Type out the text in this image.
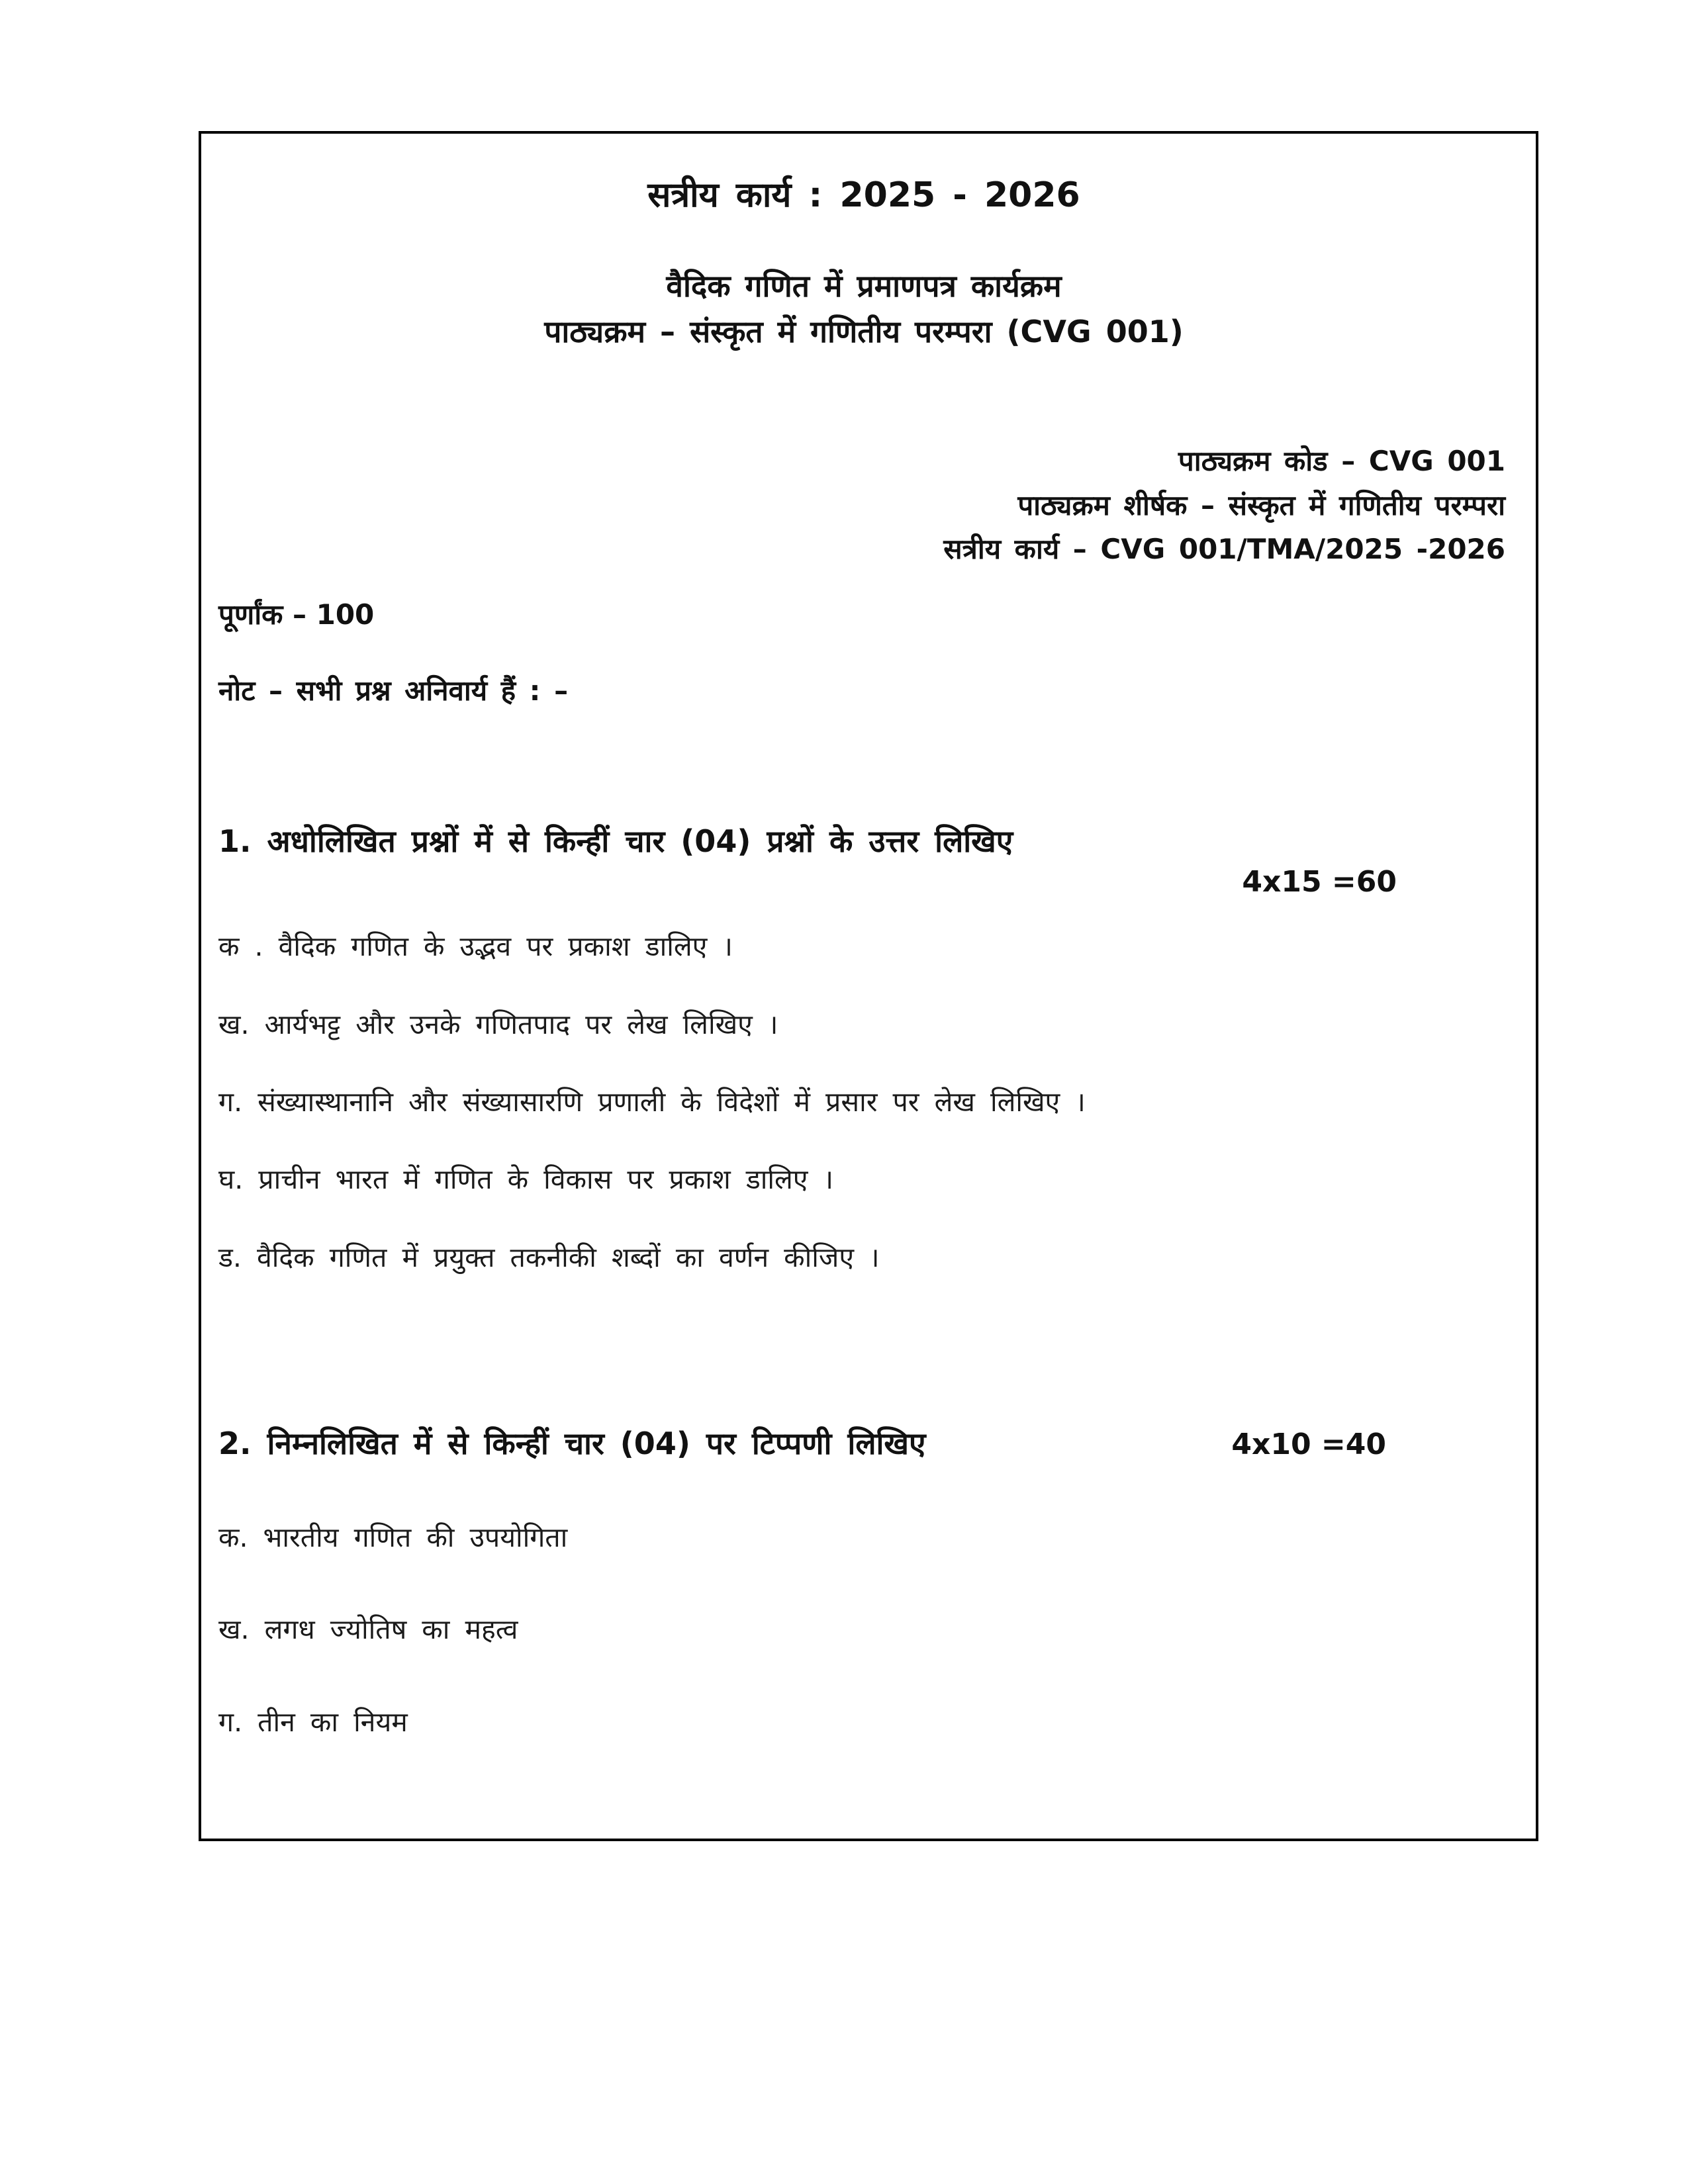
सत्रीय कार्य : 2025 - 2026
वैदिक गणित में प्रमाणपत्र कार्यक्रम
पाठ्यक्रम – संस्कृत में गणितीय परम्परा (CVG 001)
पाठ्यक्रम कोड – CVG 001
पाठ्यक्रम शीर्षक – संस्कृत में गणितीय परम्परा
सत्रीय कार्य – CVG 001/TMA/2025 -2026
पूर्णांक – 100
नोट – सभी प्रश्न अनिवार्य हैं : –
1. अधोलिखित प्रश्नों में से किन्हीं चार (04) प्रश्नों के उत्तर लिखिए
4x15 =60
क . वैदिक गणित के उद्भव पर प्रकाश डालिए ।
ख. आर्यभट्ट और उनके गणितपाद पर लेख लिखिए ।
ग. संख्यास्थानानि और संख्यासारणि प्रणाली के विदेशों में प्रसार पर लेख लिखिए ।
घ. प्राचीन भारत में गणित के विकास पर प्रकाश डालिए ।
ड. वैदिक गणित में प्रयुक्त तकनीकी शब्दों का वर्णन कीजिए ।
2. निम्नलिखित में से किन्हीं चार (04) पर टिप्पणी लिखिए	4x10 =40
क. भारतीय गणित की उपयोगिता
ख. लगध ज्योतिष का महत्व
ग. तीन का नियम
